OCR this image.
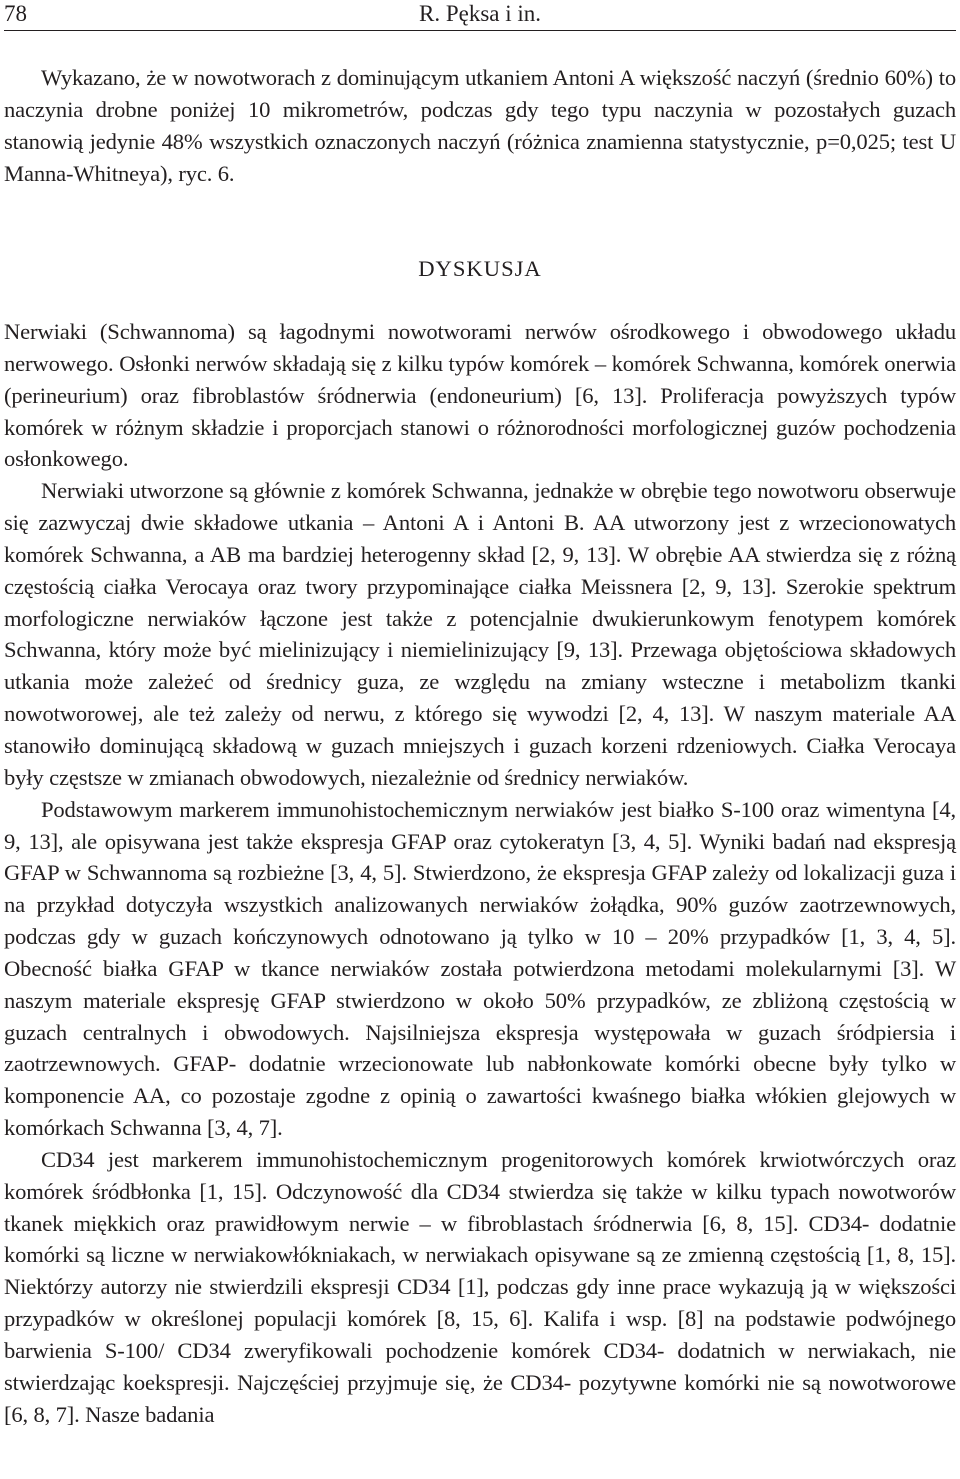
78	R. Pęksa i in.

Wykazano, że w nowotworach z dominującym utkaniem Antoni A większość naczyń (średnio 60%) to naczynia drobne poniżej 10 mikrometrów, podczas gdy tego typu naczynia w pozostałych guzach stanowią jedynie 48% wszystkich oznaczonych naczyń (różnica znamienna statystycznie, p=0,025; test U Manna-Whitneya), ryc. 6.

DYSKUSJA

Nerwiaki (Schwannoma) są łagodnymi nowotworami nerwów ośrodkowego i obwodowego układu nerwowego. Osłonki nerwów składają się z kilku typów komórek – komórek Schwanna, komórek onerwia (perineurium) oraz fibroblastów śródnerwia (endoneurium) [6, 13]. Proliferacja powyższych typów komórek w różnym składzie i proporcjach stanowi o różnorodności morfologicznej guzów pochodzenia osłonkowego.

Nerwiaki utworzone są głównie z komórek Schwanna, jednakże w obrębie tego nowotworu obserwuje się zazwyczaj dwie składowe utkania – Antoni A i Antoni B. AA utworzony jest z wrzecionowatych komórek Schwanna, a AB ma bardziej heterogenny skład [2, 9, 13]. W obrębie AA stwierdza się z różną częstością ciałka Verocaya oraz twory przypominające ciałka Meissnera [2, 9, 13]. Szerokie spektrum morfologiczne nerwiaków łączone jest także z potencjalnie dwukierunkowym fenotypem komórek Schwanna, który może być mielinizujący i niemielinizujący [9, 13]. Przewaga objętościowa składowych utkania może zależeć od średnicy guza, ze względu na zmiany wsteczne i metabolizm tkanki nowotworowej, ale też zależy od nerwu, z którego się wywodzi [2, 4, 13]. W naszym materiale AA stanowiło dominującą składową w guzach mniejszych i guzach korzeni rdzeniowych. Ciałka Verocaya były częstsze w zmianach obwodowych, niezależnie od średnicy nerwiaków.

Podstawowym markerem immunohistochemicznym nerwiaków jest białko S-100 oraz wimentyna [4, 9, 13], ale opisywana jest także ekspresja GFAP oraz cytokeratyn [3, 4, 5]. Wyniki badań nad ekspresją GFAP w Schwannoma są rozbieżne [3, 4, 5]. Stwierdzono, że ekspresja GFAP zależy od lokalizacji guza i na przykład dotyczyła wszystkich analizowanych nerwiaków żołądka, 90% guzów zaotrzewnowych, podczas gdy w guzach kończynowych odnotowano ją tylko w 10 – 20% przypadków [1, 3, 4, 5]. Obecność białka GFAP w tkance nerwiaków została potwierdzona metodami molekularnymi [3]. W naszym materiale ekspresję GFAP stwierdzono w około 50% przypadków, ze zbliżoną częstością w guzach centralnych i obwodowych. Najsilniejsza ekspresja występowała w guzach śródpiersia i zaotrzewnowych. GFAP- dodatnie wrzecionowate lub nabłonkowate komórki obecne były tylko w komponencie AA, co pozostaje zgodne z opinią o zawartości kwaśnego białka włókien glejowych w komórkach Schwanna [3, 4, 7].

CD34 jest markerem immunohistochemicznym progenitorowych komórek krwiotwórczych oraz komórek śródbłonka [1, 15]. Odczynowość dla CD34 stwierdza się także w kilku typach nowotworów tkanek miękkich oraz prawidłowym nerwie – w fibroblastach śródnerwia [6, 8, 15]. CD34- dodatnie komórki są liczne w nerwiakowłókniakach, w nerwiakach opisywane są ze zmienną częstością [1, 8, 15]. Niektórzy autorzy nie stwierdzili ekspresji CD34 [1], podczas gdy inne prace wykazują ją w większości przypadków w określonej populacji komórek [8, 15, 6]. Kalifa i wsp. [8] na podstawie podwójnego barwienia S-100/ CD34 zweryfikowali pochodzenie komórek CD34- dodatnich w nerwiakach, nie stwierdzając koekspresji. Najczęściej przyjmuje się, że CD34- pozytywne komórki nie są nowotworowe [6, 8, 7]. Nasze badania
